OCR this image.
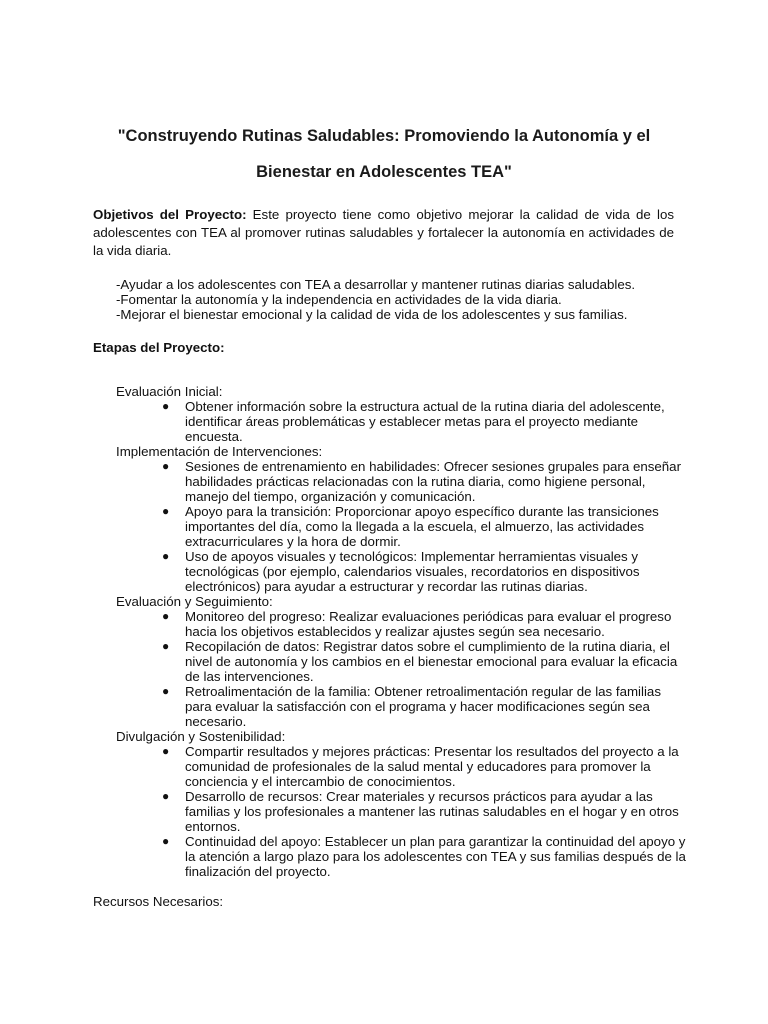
"Construyendo Rutinas Saludables: Promoviendo la Autonomía y el
Bienestar en Adolescentes TEA"
Objetivos del Proyecto: Este proyecto tiene como objetivo mejorar la calidad de vida de los adolescentes con TEA al promover rutinas saludables y fortalecer la autonomía en actividades de la vida diaria.
-Ayudar a los adolescentes con TEA a desarrollar y mantener rutinas diarias saludables.
-Fomentar la autonomía y la independencia en actividades de la vida diaria.
-Mejorar el bienestar emocional y la calidad de vida de los adolescentes y sus familias.
Etapas del Proyecto:

Evaluación Inicial:

● Obtener información sobre la estructura actual de la rutina diaria del adolescente, identificar áreas problemáticas y establecer metas para el proyecto mediante encuesta.

Implementación de Intervenciones:

● Sesiones de entrenamiento en habilidades: Ofrecer sesiones grupales para enseñar habilidades prácticas relacionadas con la rutina diaria, como higiene personal, manejo del tiempo, organización y comunicación.
● Apoyo para la transición: Proporcionar apoyo específico durante las transiciones importantes del día, como la llegada a la escuela, el almuerzo, las actividades extracurriculares y la hora de dormir.
● Uso de apoyos visuales y tecnológicos: Implementar herramientas visuales y tecnológicas (por ejemplo, calendarios visuales, recordatorios en dispositivos electrónicos) para ayudar a estructurar y recordar las rutinas diarias.

Evaluación y Seguimiento:

● Monitoreo del progreso: Realizar evaluaciones periódicas para evaluar el progreso hacia los objetivos establecidos y realizar ajustes según sea necesario.
● Recopilación de datos: Registrar datos sobre el cumplimiento de la rutina diaria, el nivel de autonomía y los cambios en el bienestar emocional para evaluar la eficacia de las intervenciones.
● Retroalimentación de la familia: Obtener retroalimentación regular de las familias para evaluar la satisfacción con el programa y hacer modificaciones según sea necesario.

Divulgación y Sostenibilidad:

● Compartir resultados y mejores prácticas: Presentar los resultados del proyecto a la comunidad de profesionales de la salud mental y educadores para promover la conciencia y el intercambio de conocimientos.
● Desarrollo de recursos: Crear materiales y recursos prácticos para ayudar a las familias y los profesionales a mantener las rutinas saludables en el hogar y en otros entornos.
● Continuidad del apoyo: Establecer un plan para garantizar la continuidad del apoyo y la atención a largo plazo para los adolescentes con TEA y sus familias después de la finalización del proyecto.
Recursos Necesarios:
